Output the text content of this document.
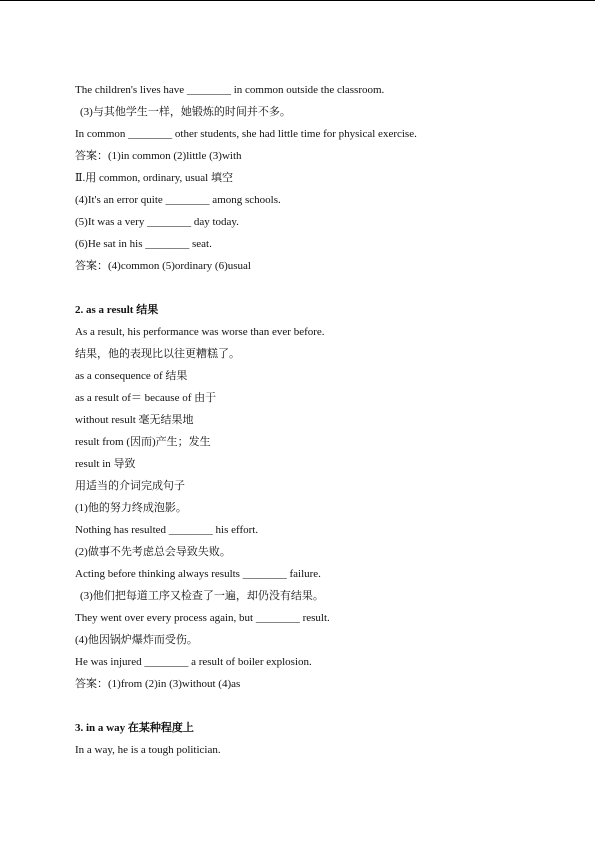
The children's lives have ________ in common outside the classroom.
(3)与其他学生一样，她锻炼的时间并不多。
In common ________ other students, she had little time for physical exercise.
答案：(1)in common (2)little (3)with
Ⅱ.用 common, ordinary, usual 填空
(4)It's an error quite ________ among schools.
(5)It was a very ________ day today.
(6)He sat in his ________ seat.
答案：(4)common (5)ordinary (6)usual
2. as a result 结果
As a result, his performance was worse than ever before.
结果，他的表现比以往更糟糕了。
as a consequence of 结果
as a result of＝ because of 由于
without result 毫无结果地
result from (因而)产生；发生
result in 导致
用适当的介词完成句子
(1)他的努力终成泡影。
Nothing has resulted ________ his effort.
(2)做事不先考虑总会导致失败。
Acting before thinking always results ________ failure.
(3)他们把每道工序又检查了一遍，却仍没有结果。
They went over every process again, but ________ result.
(4)他因锅炉爆炸而受伤。
He was injured ________ a result of boiler explosion.
答案：(1)from (2)in (3)without (4)as
3. in a way 在某种程度上
In a way, he is a tough politician.
